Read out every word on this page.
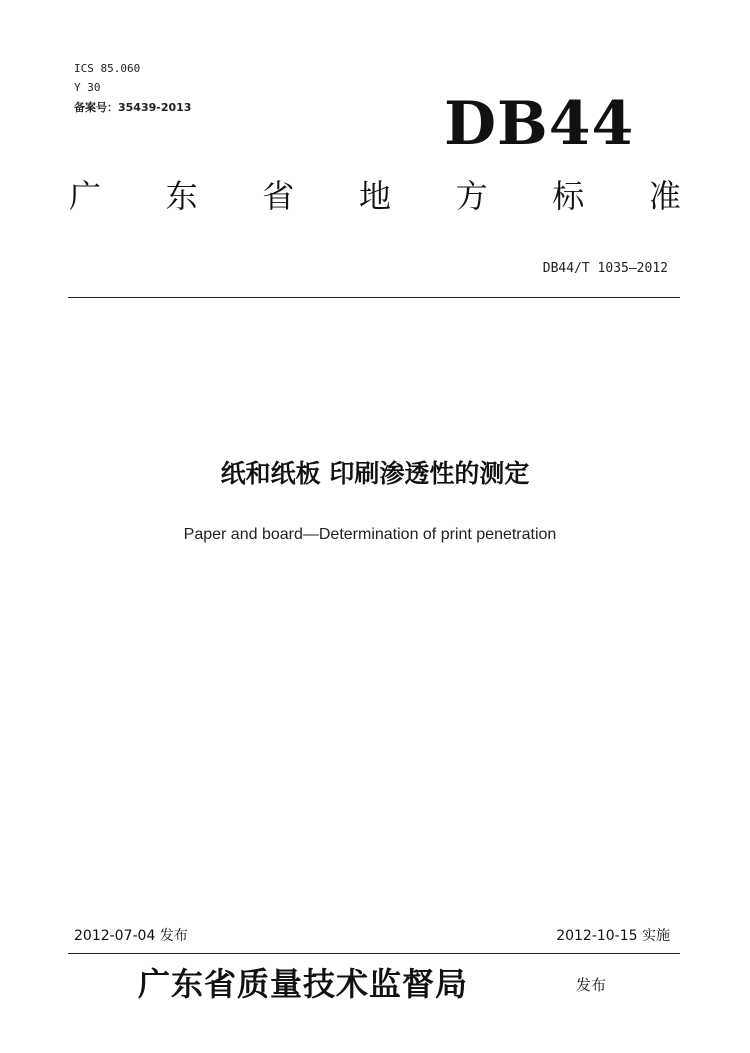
ICS 85.060
Y 30
备案号：35439-2013	DB44
广 东 省 地 方 标 准
DB44/T 1035—2012
纸和纸板 印刷渗透性的测定
Paper and board—Determination of print penetration
2012-07-04 发布	2012-10-15 实施
广东省质量技术监督局	发布
